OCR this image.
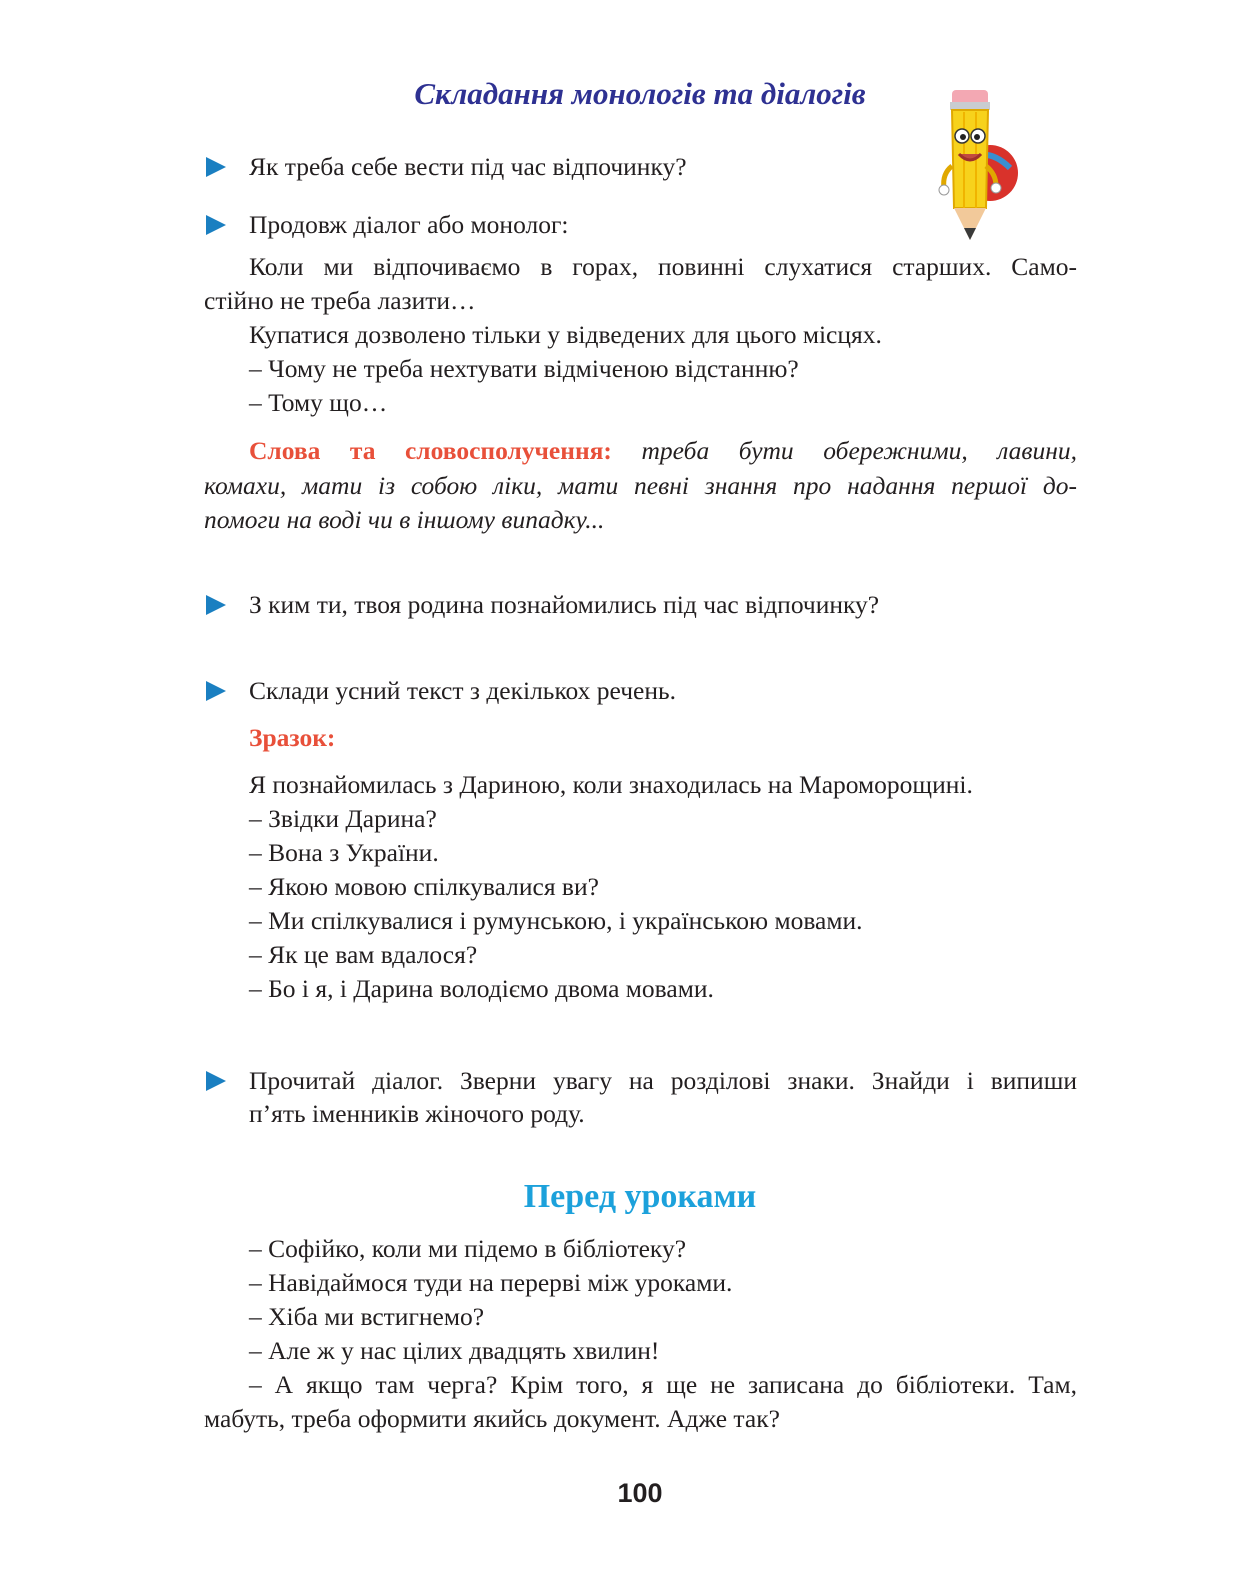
Складання монологів та діалогів
Як треба себе вести під час відпочинку?
Продовж діалог або монолог:
Коли ми відпочиваємо в горах, повинні слухатися старших. Само-
стійно не треба лазити…
Купатися дозволено тільки у відведених для цього місцях.
– Чому не треба нехтувати відміченою відстанню?
– Тому що…
Слова та словосполучення: треба бути обережними, лавини,
комахи, мати із собою ліки, мати певні знання про надання першої до-
помоги на воді чи в іншому випадку...
З ким ти, твоя родина познайомились під час відпочинку?
Склади усний текст з декількох речень.
Зразок:
Я познайомилась з Дариною, коли знаходилась на Мароморощині.
– Звідки Дарина?
– Вона з України.
– Якою мовою спілкувалися ви?
– Ми спілкувалися і румунською, і українською мовами.
– Як це вам вдалося?
– Бо і я, і Дарина володіємо двома мовами.
Прочитай діалог. Зверни увагу на розділові знаки. Знайди і випиши
п’ять іменників жіночого роду.
Перед уроками
– Софійко, коли ми підемо в бібліотеку?
– Навідаймося туди на перерві між уроками.
– Хіба ми встигнемо?
– Але ж у нас цілих двадцять хвилин!
– А якщо там черга? Крім того, я ще не записана до бібліотеки. Там,
мабуть, треба оформити якийсь документ. Адже так?
100
